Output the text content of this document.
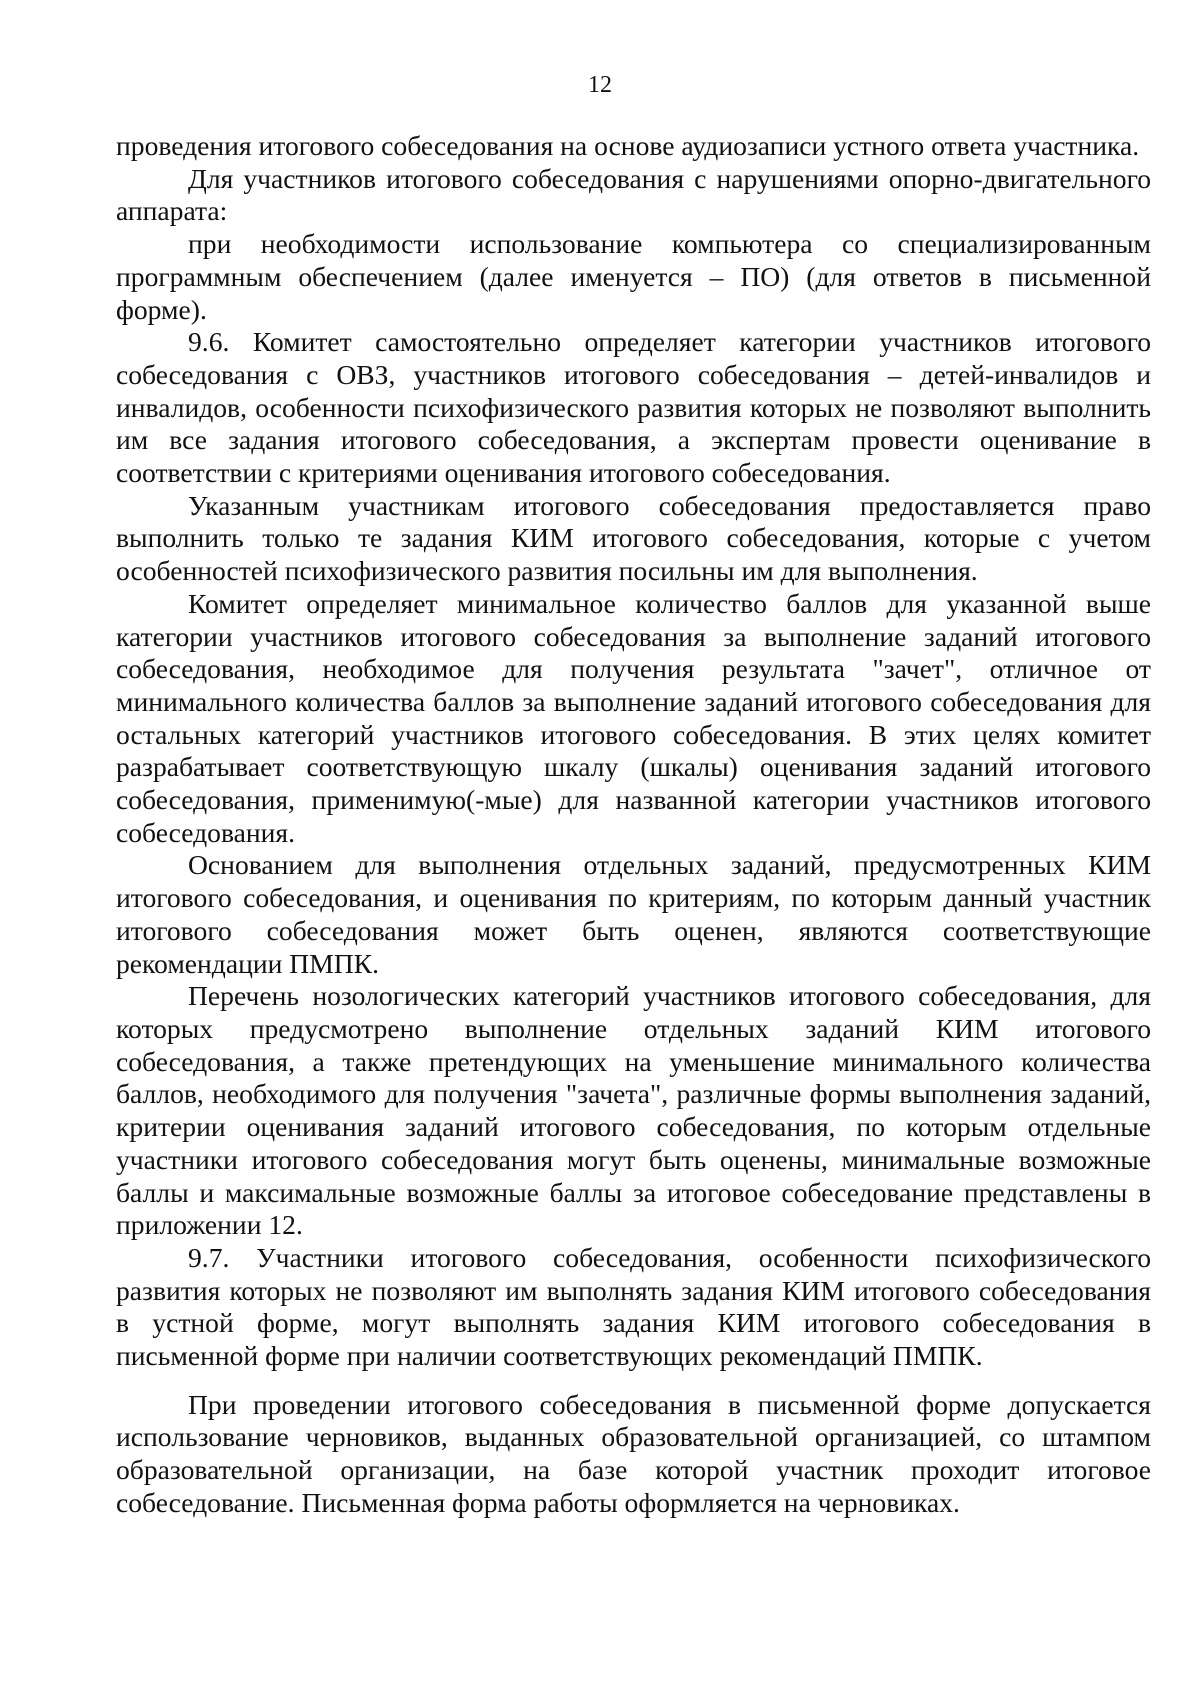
12

проведения итогового собеседования на основе аудиозаписи устного ответа участника.

Для участников итогового собеседования с нарушениями опорно-двигательного аппарата:

при необходимости использование компьютера со специализированным программным обеспечением (далее именуется – ПО) (для ответов в письменной форме).

9.6. Комитет самостоятельно определяет категории участников итогового собеседования с ОВЗ, участников итогового собеседования – детей-инвалидов и инвалидов, особенности психофизического развития которых не позволяют выполнить им все задания итогового собеседования, а экспертам провести оценивание в соответствии с критериями оценивания итогового собеседования.

Указанным участникам итогового собеседования предоставляется право выполнить только те задания КИМ итогового собеседования, которые с учетом особенностей психофизического развития посильны им для выполнения.

Комитет определяет минимальное количество баллов для указанной выше категории участников итогового собеседования за выполнение заданий итогового собеседования, необходимое для получения результата "зачет", отличное от минимального количества баллов за выполнение заданий итогового собеседования для остальных категорий участников итогового собеседования. В этих целях комитет разрабатывает соответствующую шкалу (шкалы) оценивания заданий итогового собеседования, применимую(-мые) для названной категории участников итогового собеседования.

Основанием для выполнения отдельных заданий, предусмотренных КИМ итогового собеседования, и оценивания по критериям, по которым данный участник итогового собеседования может быть оценен, являются соответствующие рекомендации ПМПК.

Перечень нозологических категорий участников итогового собеседования, для которых предусмотрено выполнение отдельных заданий КИМ итогового собеседования, а также претендующих на уменьшение минимального количества баллов, необходимого для получения "зачета", различные формы выполнения заданий, критерии оценивания заданий итогового собеседования, по которым отдельные участники итогового собеседования могут быть оценены, минимальные возможные баллы и максимальные возможные баллы за итоговое собеседование представлены в приложении 12.

9.7. Участники итогового собеседования, особенности психофизического развития которых не позволяют им выполнять задания КИМ итогового собеседования в устной форме, могут выполнять задания КИМ итогового собеседования в письменной форме при наличии соответствующих рекомендаций ПМПК.

При проведении итогового собеседования в письменной форме допускается использование черновиков, выданных образовательной организацией, со штампом образовательной организации, на базе которой участник проходит итоговое собеседование. Письменная форма работы оформляется на черновиках.
